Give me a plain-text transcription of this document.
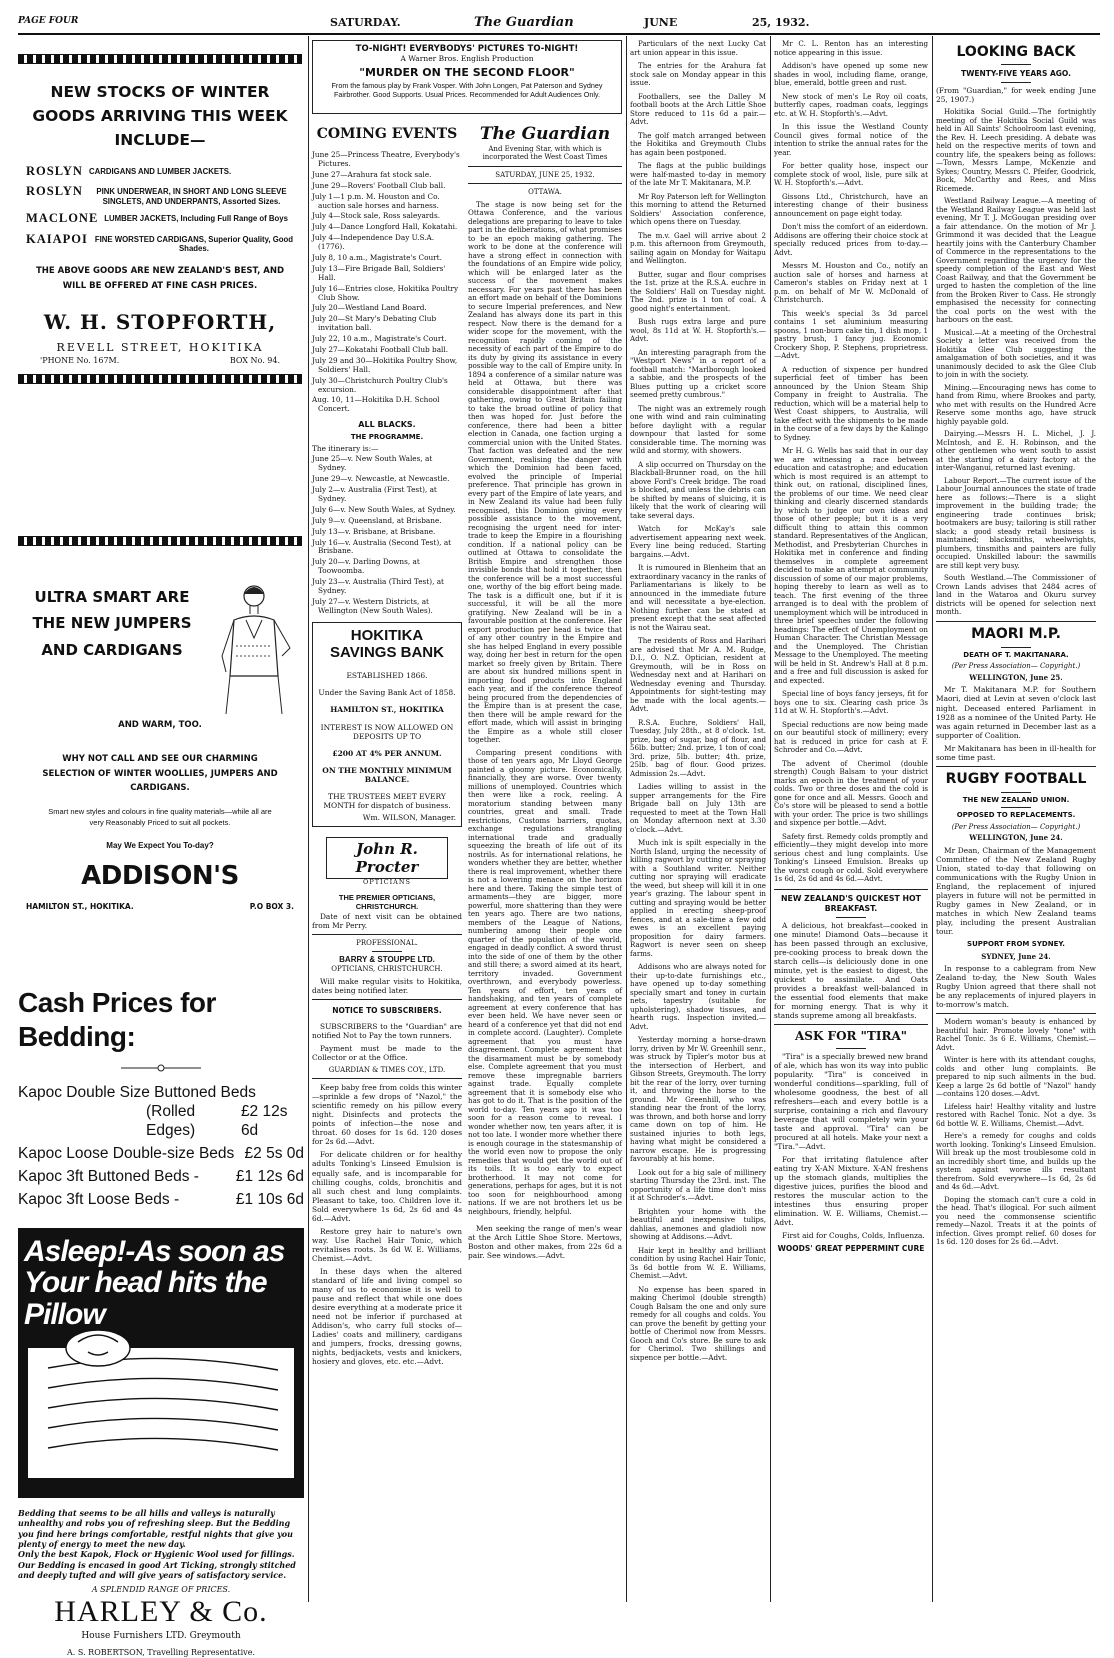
PAGE FOUR	SATURDAY.	The Guardian	JUNE	25, 1932.
NEW STOCKS OF WINTER GOODS ARRIVING THIS WEEK INCLUDE—
ROSLYN CARDIGANS AND LUMBER JACKETS.
ROSLYN	PINK UNDERWEAR, IN SHORT AND LONG SLEEVE SINGLETS, AND UNDERPANTS, Assorted Sizes.
MACLONE LUMBER JACKETS, Including Full Range of Boys
KAIAPOI FINE WORSTED CARDIGANS, Superior Quality, Good Shades.
THE ABOVE GOODS ARE NEW ZEALAND'S BEST, AND WILL BE OFFERED AT FINE CASH PRICES.
W. H. STOPFORTH,
REVELL STREET, HOKITIKA
'PHONE No. 167M.	BOX No. 94.
ULTRA SMART ARE THE NEW JUMPERS AND CARDIGANS
AND WARM, TOO.
WHY NOT CALL AND SEE OUR CHARMING SELECTION OF WINTER WOOLLIES, JUMPERS AND CARDIGANS.
Smart new styles and colours in fine quality materials—while all are very Reasonably Priced to suit all pockets.
May We Expect You To-day?
ADDISON'S
HAMILTON ST., HOKITIKA.	P.O BOX 3.
Cash Prices for Bedding:
Kapoc Double Size Buttoned Beds
(Rolled Edges)
£2 12s 6d
Kapoc Loose Double-size Beds £2 5s 0d
Kapoc 3ft Buttoned Beds - £1 12s 6d
Kapoc 3ft Loose Beds -	£1 10s 6d
Asleep!-As soon as Your head hits the Pillow
Bedding that seems to be all hills and valleys is naturally unhealthy and robs you of refreshing sleep. But the Bedding you find here brings comfortable, restful nights that give you plenty of energy to meet the new day.
Only the best Kapok, Flock or Hygienic Wool used for fillings.
Our Bedding is encased in good Art Ticking, strongly stitched and deeply tufted and will give years of satisfactory service.
A SPLENDID RANGE OF PRICES.
HARLEY & Co.
House Furnishers LTD. Greymouth
A. S. ROBERTSON, Travelling Representative.
TO-NIGHT! EVERYBODYS' PICTURES TO-NIGHT!
A Warner Bros. English Production
"MURDER ON THE SECOND FLOOR"
From the famous play by Frank Vosper. With John Longen, Pat Paterson and Sydney Fairbrother. Good Supports. Usual Prices. Recommended for Adult Audiences Only.
COMING EVENTS
June 25—Princess Theatre, Everybody's Pictures.
June 27—Arahura fat stock sale.
June 29—Rovers' Football Club ball.
July 1—1 p.m. M. Houston and Co. auction sale horses and harness.
July 4—Stock sale, Ross saleyards.
July 4—Dance Longford Hall, Kokatahi.
July 4—Independence Day U.S.A. (1776).
July 8, 10 a.m., Magistrate's Court.
July 13—Fire Brigade Ball, Soldiers' Hall.
July 16—Entries close, Hokitika Poultry Club Show.
July 20—Westland Land Board.
July 20—St Mary's Debating Club invitation ball.
July 22, 10 a.m., Magistrate's Court.
July 27—Kokatahi Football Club ball.
July 29 and 30—Hokitika Poultry Show, Soldiers' Hall.
July 30—Christchurch Poultry Club's excursion.
Aug. 10, 11—Hokitika D.H. School Concert.
ALL BLACKS.
THE PROGRAMME.
The itinerary is:—
June 25—v. New South Wales, at Sydney.
June 29—v. Newcastle, at Newcastle.
July 2—v. Australia (First Test), at Sydney.
July 6—v. New South Wales, at Sydney.
July 9—v. Queensland, at Brisbane.
July 13—v. Brisbane, at Brisbane.
July 16—v. Australia (Second Test), at Brisbane.
July 20—v. Darling Downs, at Toowoomba.
July 23—v. Australia (Third Test), at Sydney.
July 27—v. Western Districts, at Wellington (New South Wales).
HOKITIKA SAVINGS BANK
ESTABLISHED 1866.
Under the Saving Bank Act of 1858.
HAMILTON ST., HOKITIKA
INTEREST IS NOW ALLOWED ON DEPOSITS UP TO
£200 AT 4% PER ANNUM.
ON THE MONTHLY MINIMUM BALANCE.
THE TRUSTEES MEET EVERY MONTH for dispatch of business.
Wm. WILSON, Manager.
John R. Procter
OPTICIANS
THE PREMIER OPTICIANS, CHRISTCHURCH.
Date of next visit can be obtained from Mr Perry.
PROFESSIONAL.
BARRY & STOUPPE LTD.
OPTICIANS, CHRISTCHURCH.
Will make regular visits to Hokitika, dates being notified later.
NOTICE TO SUBSCRIBERS.
SUBSCRIBERS to the "Guardian" are notified Not to Pay the town runners.
Payment must be made to the Collector or at the Office.
GUARDIAN & TIMES COY., LTD.

Keep baby free from colds this winter—sprinkle a few drops of "Nazol," the scientific remedy on his pillow every night. Disinfects and protects the points of infection—the nose and throat. 60 doses for 1s 6d. 120 doses for 2s 6d.—Advt.

For delicate children or for healthy adults Tonking's Linseed Emulsion is equally safe, and is incomparable for chilling coughs, colds, bronchitis and all such chest and lung complaints. Pleasant to take, too. Children love it. Sold everywhere 1s 6d, 2s 6d and 4s 6d.—Advt.

Restore grey hair to nature's own way. Use Rachel Hair Tonic, which revitalises roots. 3s 6d W. E. Williams, Chemist.—Advt.

In these days when the altered standard of life and living compel so many of us to economise it is well to pause and reflect that while one does desire everything at a moderate price it need not be inferior if purchased at Addison's, who carry full stocks of—Ladies' coats and millinery, cardigans and jumpers, frocks, dressing gowns, nights, bedjackets, vests and knickers, hosiery and gloves, etc. etc.—Advt.

The Guardian
And Evening Star, with which is incorporated the West Coast Times
SATURDAY, JUNE 25, 1932.
OTTAWA.

The stage is now being set for the Ottawa Conference, and the various delegations are preparing to leave to take part in the deliberations, of what promises to be an epoch making gathering. The work to be done at the conference will have a strong effect in connection with the foundations of an Empire wide policy, which will be enlarged later as the success of the movement makes necessary. For years past there has been an effort made on behalf of the Dominions to secure Imperial preferences, and New Zealand has always done its part in this respect. Now there is the demand for a wider scope for the movement, with the recognition rapidly coming of the necessity of each part of the Empire to do its duty by giving its assistance in every possible way to the call of Empire unity. In 1894 a conference of a similar nature was held at Ottawa, but there was considerable disappointment after that gathering, owing to Great Britain failing to take the broad outline of policy that then was hoped for. Just before the conference, there had been a bitter election in Canada, one faction urging a commercial union with the United States. That faction was defeated and the new Government, realising the danger with which the Dominion had been faced, evolved the principle of Imperial preference. That principle has grown in every part of the Empire of late years, and in New Zealand its value had been fully recognised, this Dominion giving every possible assistance to the movement, recognising the urgent need for inter-trade to keep the Empire in a flourishing condition. If a national policy can be outlined at Ottawa to consolidate the British Empire and strengthen those invisible bonds that hold it together, then the conference will be a most successful one, worthy of the big effort being made. The task is a difficult one, but if it is successful, it will be all the more gratifying. New Zealand will be in a favourable position at the conference. Her export production per head is twice that of any other country in the Empire and she has helped England in every possible way, doing her best in return for the open market so freely given by Britain. There are about six hundred millions spent in importing food products into England each year, and if the conference thereof being procured from the dependencies of the Empire than is at present the case, then there will be ample reward for the effort made, which will assist in bringing the Empire as a whole still closer together.

Comparing present conditions with those of ten years ago, Mr Lloyd George painted a gloomy picture. Economically, financially, they are worse. Over twenty millions of unemployed. Countries which then were like a rock, reeling. A moratorium standing between many countries, great and small. Trade restrictions, Customs barriers, quotas, exchange regulations strangling international trade and gradually squeezing the breath of life out of its nostrils. As for international relations, he wonders whether they are better, whether there is real improvement, whether there is not a lowering menace on the horizon here and there. Taking the simple test of armaments—they are bigger, more powerful, more shattering than they were ten years ago. There are two nations, members of the League of Nations, numbering among their people one quarter of the population of the world, engaged in deadly conflict. A sword thrust into the side of one of them by the other and still there; a sword aimed at its heart, territory invaded. Government overthrown, and everybody powerless. Ten years of effort, ten years of handshaking, and ten years of complete agreement at every conference that has ever been held. We have never seen or heard of a conference yet that did not end in complete accord. (Laughter). Complete agreement that you must have disagreement. Complete agreement that the disarmament must be by somebody else. Complete agreement that you must remove these impregnable barriers against trade. Equally complete agreement that it is somebody else who has got to do it. That is the position of the world to-day. Ten years ago it was too soon for a reason come to reveal. I wonder whether now, ten years after, it is not too late. I wonder more whether there is enough courage in the statesmanship of the world even now to propose the only remedies that would get the world out of its toils. It is too early to expect brotherhood. It may not come for generations, perhaps for ages, but it is not too soon for neighbourhood among nations. If we are not brothers let us be neighbours, friendly, helpful.

Men seeking the range of men's wear at the Arch Little Shoe Store. Mertows, Boston and other makes, from 22s 6d a pair. See windows.—Advt.

Particulars of the next Lucky Cat art union appear in this issue.

The entries for the Arahura fat stock sale on Monday appear in this issue.

Footballers, see the Dalley M football boots at the Arch Little Shoe Store reduced to 11s 6d a pair.—Advt.

The golf match arranged between the Hokitika and Greymouth Clubs has again been postponed.

The flags at the public buildings were half-masted to-day in memory of the late Mr T. Makitanara, M.P.

Mr Roy Paterson left for Wellington this morning to attend the Returned Soldiers' Association conference, which opens there on Tuesday.

The m.v. Gael will arrive about 2 p.m. this afternoon from Greymouth, sailing again on Monday for Waitapu and Wellington.

Butter, sugar and flour comprises the 1st. prize at the R.S.A. euchre in the Soldiers' Hall on Tuesday night. The 2nd. prize is 1 ton of coal. A good night's entertainment.

Bush rugs extra large and pure wool, 8s 11d at W. H. Stopforth's.—Advt.

An interesting paragraph from the "Westport News" in a report of a football match: "Marlborough looked a sabbie, and the prospects of the Blues putting up a cricket score seemed pretty cumbrous."

The night was an extremely rough one with wind and rain culminating before daylight with a regular downpour that lasted for some considerable time. The morning was wild and stormy, with showers.

A slip occurred on Thursday on the Blackball-Brunner road, on the hill above Ford's Creek bridge. The road is blocked, and unless the debris can be shifted by means of sluicing, it is likely that the work of clearing will take several days.

Watch for McKay's sale advertisement appearing next week. Every line being reduced. Starting bargains.—Advt.

It is rumoured in Blenheim that an extraordinary vacancy in the ranks of Parliamentarians is likely to be announced in the immediate future and will necessitate a bye-election. Nothing further can be stated at present except that the seat affected is not the Wairau seat.

The residents of Ross and Harihari are advised that Mr A. M. Rudge, D.I., O. N.Z. Optician, resident at Greymouth, will be in Ross on Wednesday next and at Harihari on Wednesday evening and Thursday. Appointments for sight-testing may be made with the local agents.—Advt.

R.S.A. Euchre, Soldiers' Hall, Tuesday, July 28th., at 8 o'clock. 1st. prize, bag of sugar, bag of flour, and 56lb. butter; 2nd. prize, 1 ton of coal; 3rd. prize, 5lb. butter; 4th. prize, 25lb. bag of flour. Good prizes. Admission 2s.—Advt.

Ladies willing to assist in the supper arrangements for the Fire Brigade ball on July 13th are requested to meet at the Town Hall on Monday afternoon next at 3.30 o'clock.—Advt.

Much ink is spilt especially in the North Island, urging the necessity of killing ragwort by cutting or spraying with a Southland writer. Neither cutting nor spraying will eradicate the weed, but sheep will kill it in one year's grazing. The labour spent in cutting and spraying would be better applied in erecting sheep-proof fences, and at a sale-time a few odd ewes is an excellent paying proposition for dairy farmers. Ragwort is never seen on sheep farms.

Addisons who are always noted for their up-to-date furnishings etc., have opened up to-day something specially smart and toney in curtain nets, tapestry (suitable for upholstering), shadow tissues, and hearth rugs. Inspection invited.—Advt.

Yesterday morning a horse-drawn lorry, driven by Mr W. Greenhill senr., was struck by Tipler's motor bus at the intersection of Herbert, and Gibson Streets, Greymouth. The lorry bit the rear of the lorry, over turning it, and throwing the horse to the ground. Mr Greenhill, who was standing near the front of the lorry, was thrown, and both horse and lorry came down on top of him. He sustained injuries to both legs, having what might be considered a narrow escape. He is progressing favourably at his home.

Look out for a big sale of millinery starting Thursday the 23rd. inst. The opportunity of a life time don't miss it at Schroder's.—Advt.

Brighten your home with the beautiful and inexpensive tulips, dahlias, anemones and gladioli now showing at Addisons.—Advt.

Hair kept in healthy and brilliant condition by using Rachel Hair Tonic, 3s 6d bottle from W. E. Williams, Chemist.—Advt.

No expense has been spared in making Cherimol (double strength) Cough Balsam the one and only sure remedy for all coughs and colds. You can prove the benefit by getting your bottle of Cherimol now from Messrs. Gooch and Co's store. Be sure to ask for Cherimol. Two shillings and sixpence per bottle.—Advt.

Mr C. L. Renton has an interesting notice appearing in this issue.

Addison's have opened up some new shades in wool, including flame, orange, blue, emerald, bottle green and rust.

New stock of men's Le Roy oil coats, butterfly capes, roadman coats, leggings etc. at W. H. Stopforth's.—Advt.

In this issue the Westland County Council gives formal notice of the intention to strike the annual rates for the year.

For better quality hose, inspect our complete stock of wool, lisle, pure silk at W. H. Stopforth's.—Advt.

Gissons Ltd., Christchurch, have an interesting change of their business announcement on page eight today.

Don't miss the comfort of an eiderdown. Addisons are offering their choice stock at specially reduced prices from to-day.—Advt.

Messrs M. Houston and Co., notify an auction sale of horses and harness at Cameron's stables on Friday next at 1 p.m. on behalf of Mr W. McDonald of Christchurch.

This week's special 3s 3d parcel contains 1 set aluminium measuring spoons, 1 non-burn cake tin, 1 dish mop, 1 pastry brush, 1 fancy jug. Economic Crockery Shop, P. Stephens, proprietress.—Advt.

A reduction of sixpence per hundred superficial feet of timber has been announced by the Union Steam Ship Company in freight to Australia. The reduction, which will be a material help to West Coast shippers, to Australia, will take effect with the shipments to be made in the course of a few days by the Kalingo to Sydney.

Mr H. G. Wells has said that in our day we are witnessing a race between education and catastrophe; and education which is most required is an attempt to think out, on rational, disciplined lines, the problems of our time. We need clear thinking and clearly discerned standards by which to judge our own ideas and those of other people; but it is a very difficult thing to attain this common standard. Representatives of the Anglican, Methodist, and Presbyterian Churches in Hokitika met in conference and finding themselves in complete agreement decided to make an attempt at community discussion of some of our major problems, hoping thereby to learn as well as to teach. The first evening of the three arranged is to deal with the problem of unemployment which will be introduced in three brief speeches under the following headings: The effect of Unemployment on Human Character. The Christian Message and the Unemployed. The Christian Message to the Unemployed. The meeting will be held in St. Andrew's Hall at 8 p.m. and a free and full discussion is asked for and expected.

Special line of boys fancy jerseys, fit for boys one to six. Clearing cash price 3s 11d at W. H. Stopforth's.—Advt.

Special reductions are now being made on our beautiful stock of millinery; every hat is reduced in price for cash at F. Schroder and Co.—Advt.

The advent of Cherimol (double strength) Cough Balsam to your district marks an epoch in the treatment of your colds. Two or three doses and the cold is gone for once and all. Messrs. Gooch and Co's store will be pleased to send a bottle with your order. The price is two shillings and sixpence per bottle.—Advt.

Safety first. Remedy colds promptly and efficiently—they might develop into more serious chest and lung complaints. Use Tonking's Linseed Emulsion. Breaks up the worst cough or cold. Sold everywhere 1s 6d, 2s 6d and 4s 6d.—Advt.

NEW ZEALAND'S QUICKEST HOT BREAKFAST.
A delicious, hot breakfast—cooked in one minute! Diamond Oats—because it has been passed through an exclusive, pre-cooking process to break down the starch cells—is deliciously done in one minute, yet is the easiest to digest, the quickest to assimilate. And Oats provides a breakfast well-balanced in the essential food elements that make for morning energy. That is why it stands supreme among all breakfasts.
ASK FOR "TIRA"
"Tira" is a specially brewed new brand of ale, which has won its way into public popularity. "Tira" is conceived in wonderful conditions—sparkling, full of wholesome goodness, the best of all refreshers—each and every bottle is a surprise, containing a rich and flavoury beverage that will completely win your taste and approval. "Tira" can be procured at all hotels. Make your next a "Tira."—Advt.
For that irritating flatulence after eating try X-AN Mixture. X-AN freshens up the stomach glands, multiplies the digestive juices, purifies the blood and restores the muscular action to the intestines thus ensuring proper elimination. W. E. Williams, Chemist.—Advt.
First aid for Coughs, Colds, Influenza.
WOODS' GREAT PEPPERMINT CURE
LOOKING BACK
TWENTY-FIVE YEARS AGO.
(From "Guardian," for week ending June 25, 1907.)

Hokitika Social Guild.—The fortnightly meeting of the Hokitika Social Guild was held in All Saints' Schoolroom last evening, the Rev. H. Leech presiding. A debate was held on the respective merits of town and country life, the speakers being as follows:—Town, Messrs Lampe, McKenzie and Sykes; Country, Messrs C. Pfeifer, Goodrick, Bock, McCarthy and Rees, and Miss Ricemede.

Westland Railway League.—A meeting of the Westland Railway League was held last evening, Mr T. J. McGougan presiding over a fair attendance. On the motion of Mr J. Grimmond it was decided that the League heartily joins with the Canterbury Chamber of Commerce in the representations to the Government regarding the urgency for the speedy completion of the East and West Coast Railway, and that the Government be urged to hasten the completion of the line from the Broken River to Cass. He strongly emphasised the necessity for connecting the coal ports on the west with the harbours on the east.

Musical.—At a meeting of the Orchestral Society a letter was received from the Hokitika Glee Club suggesting the amalgamation of both societies, and it was unanimously decided to ask the Glee Club to join in with the society.

Mining.—Encouraging news has come to hand from Rimu, where Brookes and party, who met with results on the Hundred Acre Reserve some months ago, have struck highly payable gold.

Dairying.—Messrs H. L. Michel, J. J. McIntosh, and E. H. Robinson, and the other gentlemen who went south to assist at the starting of a dairy factory at the inter-Wanganui, returned last evening.

Labour Report.—The current issue of the Labour Journal announces the state of trade here as follows:—There is a slight improvement in the building trade; the engineering trade continues brisk; bootmakers are busy; tailoring is still rather slack; a good steady retail business is maintained; blacksmiths, wheelwrights, plumbers, tinsmiths and painters are fully occupied. Unskilled labour: the sawmills are still kept very busy.

South Westland.—The Commissioner of Crown Lands advises that 2484 acres of land in the Wataroa and Okuru survey districts will be opened for selection next month.

MAORI M.P.
DEATH OF T. MAKITANARA.
(Per Press Association— Copyright.)
WELLINGTON, June 25.

Mr T. Makitanara M.P. for Southern Maori, died at Levin at seven o'clock last night. Deceased entered Parliament in 1928 as a nominee of the United Party. He was again returned in December last as a supporter of Coalition.

Mr Makitanara has been in ill-health for some time past.

RUGBY FOOTBALL
THE NEW ZEALAND UNION.
OPPOSED TO REPLACEMENTS.
(Per Press Association— Copyright.)
WELLINGTON, June 24.
Mr Dean, Chairman of the Management Committee of the New Zealand Rugby Union, stated to-day that following on communications with the Rugby Union in England, the replacement of injured players in future will not be permitted in Rugby games in New Zealand, or in matches in which New Zealand teams play, including the present Australian tour.
SUPPORT FROM SYDNEY.
SYDNEY, June 24.
In response to a cablegram from New Zealand to-day, the New South Wales Rugby Union agreed that there shall not be any replacements of injured players in to-morrow's match.

Modern woman's beauty is enhanced by beautiful hair. Promote lovely "tone" with Rachel Tonic. 3s 6 E. Williams, Chemist.—Advt.

Winter is here with its attendant coughs, colds and other lung complaints. Be prepared to nip such ailments in the bud. Keep a large 2s 6d bottle of "Nazol" handy—contains 120 doses.—Advt.

Lifeless hair! Healthy vitality and lustre restored with Rachel Tonic. Not a dye. 3s 6d bottle W. E. Williams, Chemist.—Advt.

Here's a remedy for coughs and colds worth looking. Tonking's Linseed Emulsion. Will break up the most troublesome cold in an incredibly short time, and builds up the system against worse ills resultant therefrom. Sold everywhere—1s 6d, 2s 6d and 4s 6d.—Advt.

Doping the stomach can't cure a cold in the head. That's illogical. For such ailment you need the commonsense scientific remedy—Nazol. Treats it at the points of infection. Gives prompt relief. 60 doses for 1s 6d. 120 doses for 2s 6d.—Advt.
